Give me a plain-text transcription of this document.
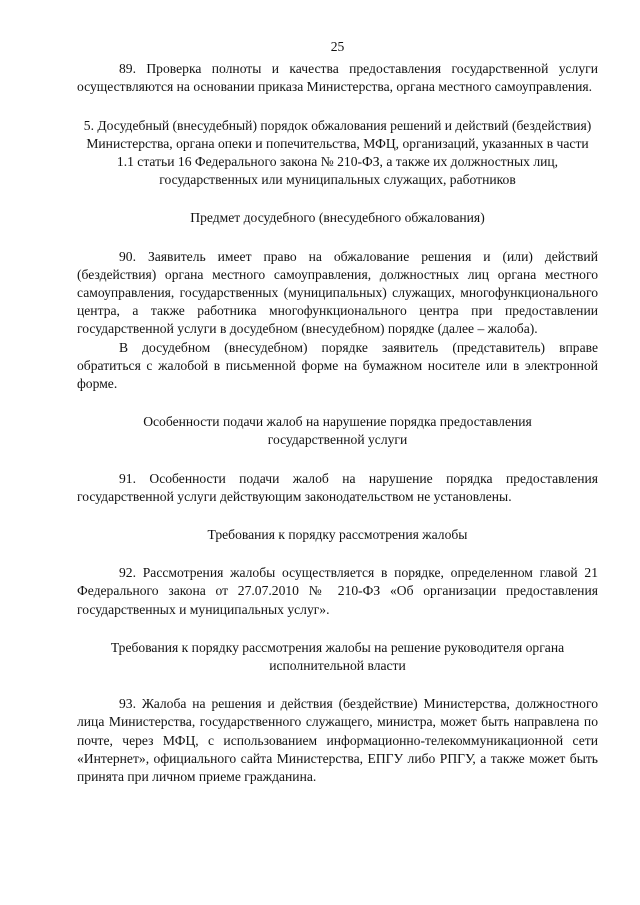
25

89. Проверка полноты и качества предоставления государственной услуги осуществляются на основании приказа Министерства, органа местного самоуправления.

5. Досудебный (внесудебный) порядок обжалования решений и действий (бездействия) Министерства, органа опеки и попечительства, МФЦ, организаций, указанных в части 1.1 статьи 16 Федерального закона № 210-ФЗ, а также их должностных лиц, государственных или муниципальных служащих, работников

Предмет досудебного (внесудебного обжалования)

90. Заявитель имеет право на обжалование решения и (или) действий (бездействия) органа местного самоуправления, должностных лиц органа местного самоуправления, государственных (муниципальных) служащих, многофункционального центра, а также работника многофункционального центра при предоставлении государственной услуги в досудебном (внесудебном) порядке (далее – жалоба).

В досудебном (внесудебном) порядке заявитель (представитель) вправе обратиться с жалобой в письменной форме на бумажном носителе или в электронной форме.

Особенности подачи жалоб на нарушение порядка предоставления государственной услуги

91. Особенности подачи жалоб на нарушение порядка предоставления государственной услуги действующим законодательством не установлены.

Требования к порядку рассмотрения жалобы

92. Рассмотрения жалобы осуществляется в порядке, определенном главой 21 Федерального закона от 27.07.2010 № 210-ФЗ «Об организации предоставления государственных и муниципальных услуг».

Требования к порядку рассмотрения жалобы на решение руководителя органа исполнительной власти

93. Жалоба на решения и действия (бездействие) Министерства, должностного лица Министерства, государственного служащего, министра, может быть направлена по почте, через МФЦ, с использованием информационно-телекоммуникационной сети «Интернет», официального сайта Министерства, ЕПГУ либо РПГУ, а также может быть принята при личном приеме гражданина.
